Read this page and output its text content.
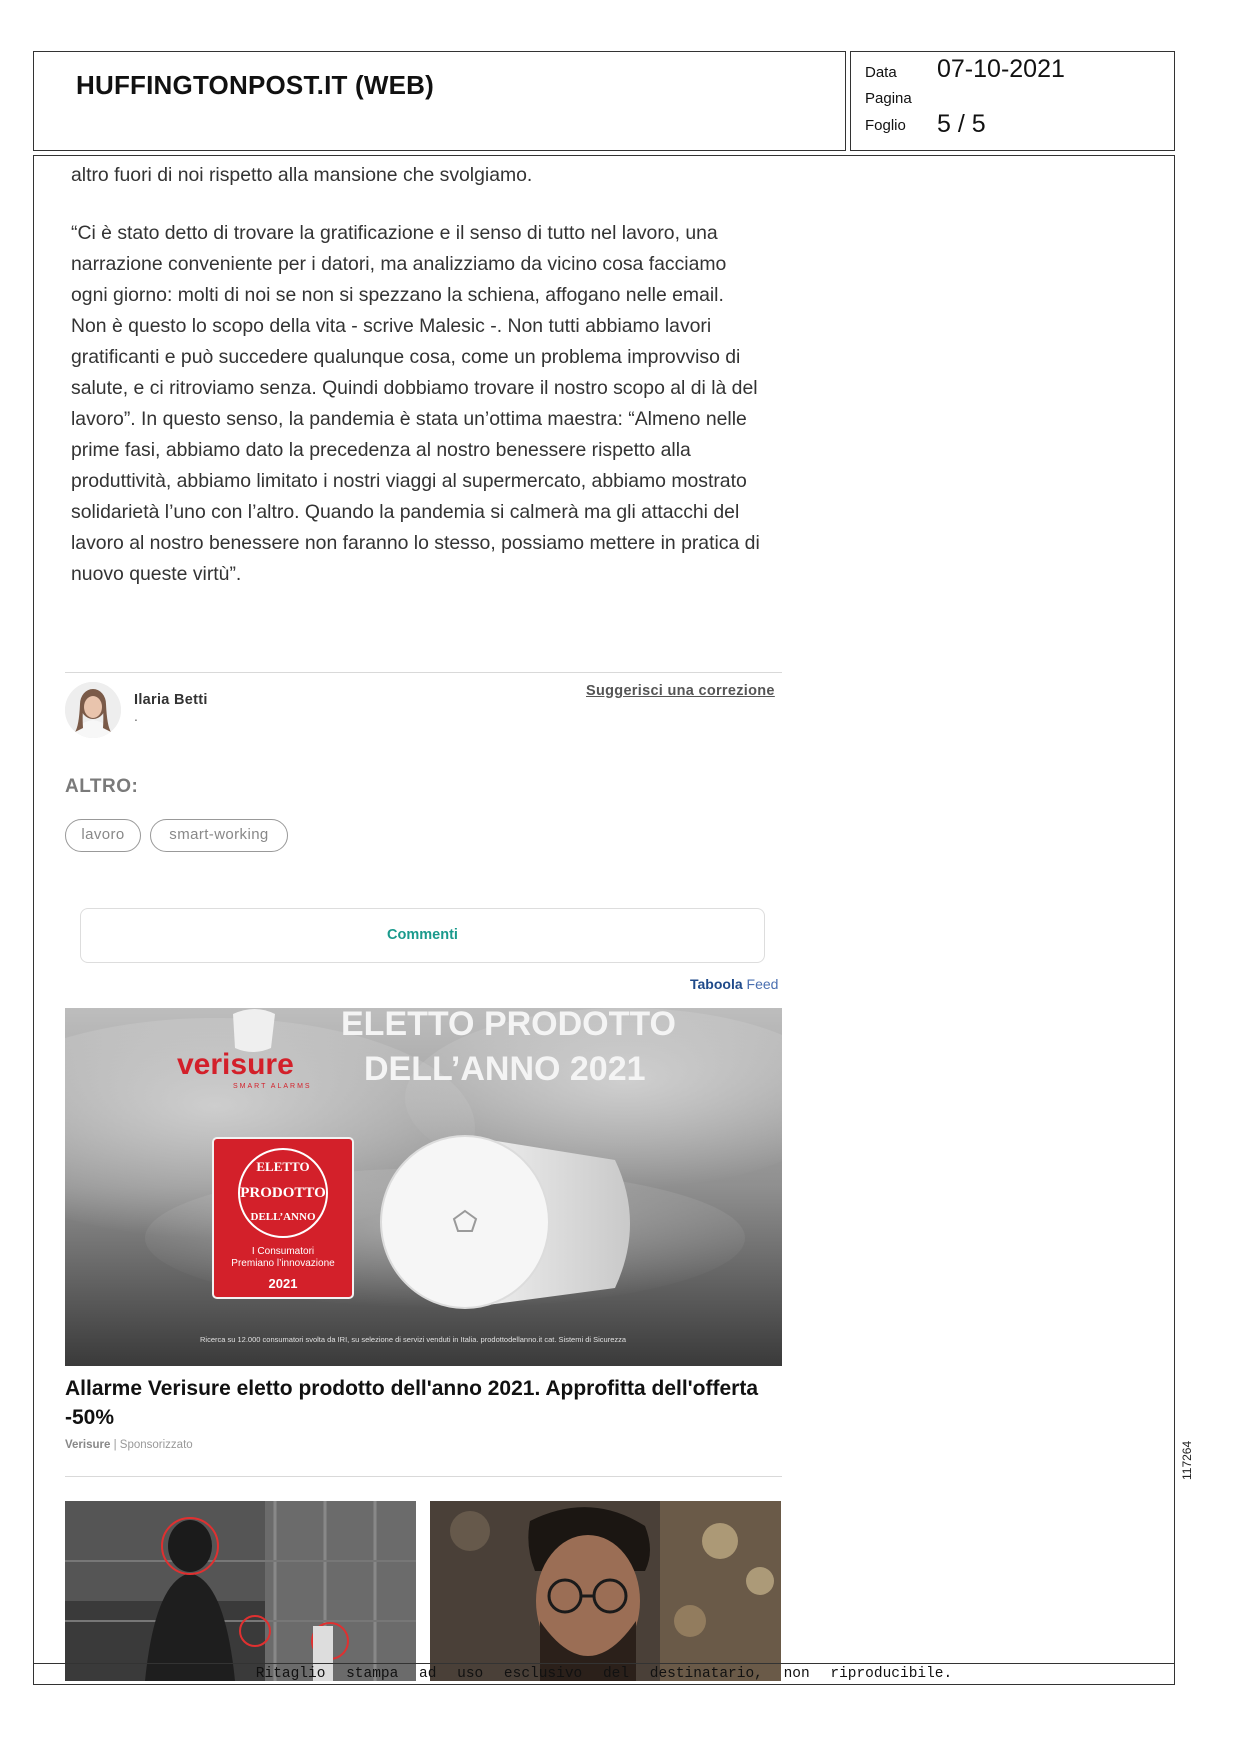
HUFFINGTONPOST.IT (WEB)	Data 07-10-2021
Pagina
Foglio 5 / 5
altro fuori di noi rispetto alla mansione che svolgiamo.
“Ci è stato detto di trovare la gratificazione e il senso di tutto nel lavoro, una
narrazione conveniente per i datori, ma analizziamo da vicino cosa facciamo
ogni giorno: molti di noi se non si spezzano la schiena, affogano nelle email.
Non è questo lo scopo della vita - scrive Malesic -. Non tutti abbiamo lavori
gratificanti e può succedere qualunque cosa, come un problema improvviso di
salute, e ci ritroviamo senza. Quindi dobbiamo trovare il nostro scopo al di là del
lavoro”. In questo senso, la pandemia è stata un’ottima maestra: “Almeno nelle
prime fasi, abbiamo dato la precedenza al nostro benessere rispetto alla
produttività, abbiamo limitato i nostri viaggi al supermercato, abbiamo mostrato
solidarietà l’uno con l’altro. Quando la pandemia si calmerà ma gli attacchi del
lavoro al nostro benessere non faranno lo stesso, possiamo mettere in pratica di
nuovo queste virtù”.
Ilaria Betti
.
Suggerisci una correzione
ALTRO:
lavoro	smart-working
Commenti
Taboola Feed
ELETTO PRODOTTO
DELL’ANNO 2021
verisure
SMART ALARMS
ELETTO
PRODOTTO
DELL’ANNO
I Consumatori
Premiano l’innovazione
2021
Ricerca su 12.000 consumatori svolta da IRI, su selezione di servizi venduti in Italia. prodottodellanno.it cat. Sistemi di Sicurezza
Allarme Verisure eletto prodotto dell'anno 2021. Approfitta dell'offerta -50%
Verisure | Sponsorizzato
Ritaglio stampa ad uso esclusivo del destinatario, non riproducibile.
117264
